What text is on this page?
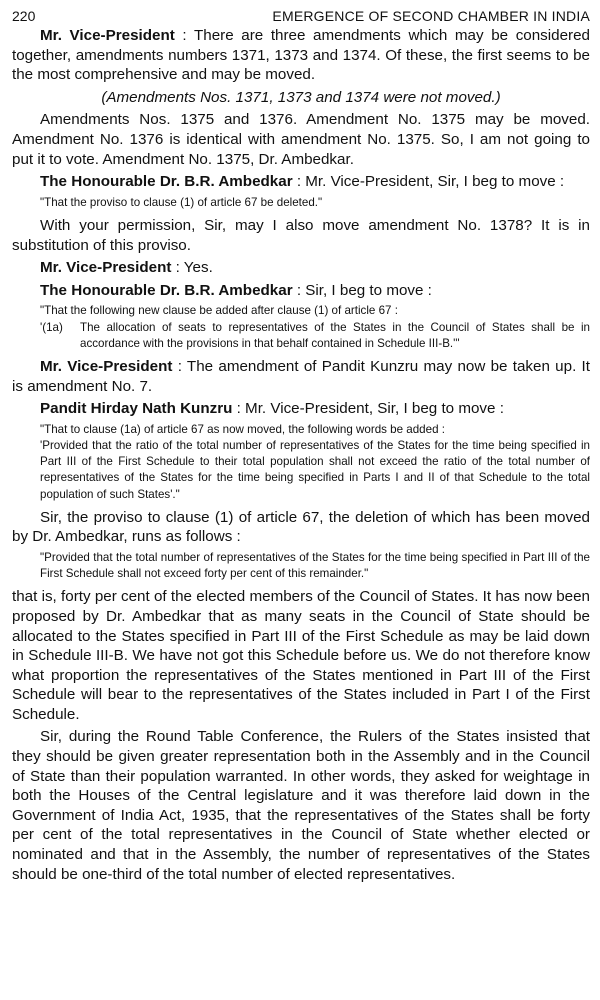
220	EMERGENCE OF SECOND CHAMBER IN INDIA

Mr. Vice-President : There are three amendments which may be considered together, amendments numbers 1371, 1373 and 1374. Of these, the first seems to be the most comprehensive and may be moved.

(Amendments Nos. 1371, 1373 and 1374 were not moved.)

Amendments Nos. 1375 and 1376. Amendment No. 1375 may be moved. Amendment No. 1376 is identical with amendment No. 1375. So, I am not going to put it to vote. Amendment No. 1375, Dr. Ambedkar.

The Honourable Dr. B.R. Ambedkar : Mr. Vice-President, Sir, I beg to move :

"That the proviso to clause (1) of article 67 be deleted."

With your permission, Sir, may I also move amendment No. 1378? It is in substitution of this proviso.

Mr. Vice-President : Yes.

The Honourable Dr. B.R. Ambedkar : Sir, I beg to move :

"That the following new clause be added after clause (1) of article 67 :

'(1a)	The allocation of seats to representatives of the States in the Council of States shall be in accordance with the provisions in that behalf contained in Schedule III-B.'"

Mr. Vice-President : The amendment of Pandit Kunzru may now be taken up. It is amendment No. 7.

Pandit Hirday Nath Kunzru : Mr. Vice-President, Sir, I beg to move :

"That to clause (1a) of article 67 as now moved, the following words be added :

'Provided that the ratio of the total number of representatives of the States for the time being specified in Part III of the First Schedule to their total population shall not exceed the ratio of the total number of representatives of the States for the time being specified in Parts I and II of that Schedule to the total population of such States'."

Sir, the proviso to clause (1) of article 67, the deletion of which has been moved by Dr. Ambedkar, runs as follows :

"Provided that the total number of representatives of the States for the time being specified in Part III of the First Schedule shall not exceed forty per cent of this remainder."

that is, forty per cent of the elected members of the Council of States. It has now been proposed by Dr. Ambedkar that as many seats in the Council of State should be allocated to the States specified in Part III of the First Schedule as may be laid down in Schedule III-B. We have not got this Schedule before us. We do not therefore know what proportion the representatives of the States mentioned in Part III of the First Schedule will bear to the representatives of the States included in Part I of the First Schedule.

Sir, during the Round Table Conference, the Rulers of the States insisted that they should be given greater representation both in the Assembly and in the Council of State than their population warranted. In other words, they asked for weightage in both the Houses of the Central legislature and it was therefore laid down in the Government of India Act, 1935, that the representatives of the States shall be forty per cent of the total representatives in the Council of State whether elected or nominated and that in the Assembly, the number of representatives of the States should be one-third of the total number of elected representatives.
